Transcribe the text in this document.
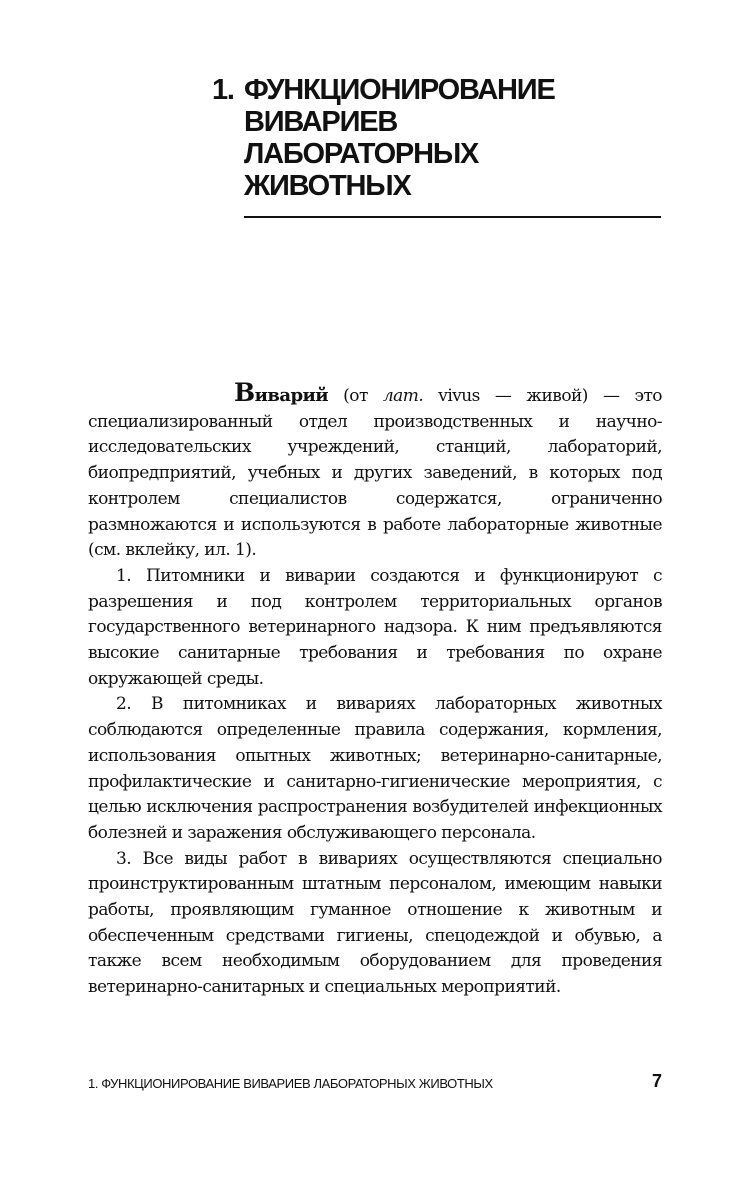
1. ФУНКЦИОНИРОВАНИЕ
ВИВАРИЕВ
ЛАБОРАТОРНЫХ
ЖИВОТНЫХ

Виварий (от лат. vivus — живой) — это специализированный отдел производственных и научно-исследовательских учреждений, станций, лабораторий, биопредприятий, учебных и других заведений, в которых под контролем специалистов содержатся, ограниченно размножаются и используются в работе лабораторные животные (см. вклейку, ил. 1).

1. Питомники и виварии создаются и функционируют с разрешения и под контролем территориальных органов государственного ветеринарного надзора. К ним предъявляются высокие санитарные требования и требования по охране окружающей среды.

2. В питомниках и вивариях лабораторных животных соблюдаются определенные правила содержания, кормления, использования опытных животных; ветеринарно-санитарные, профилактические и санитарно-гигиенические мероприятия, с целью исключения распространения возбудителей инфекционных болезней и заражения обслуживающего персонала.

3. Все виды работ в вивариях осуществляются специально проинструктированным штатным персоналом, имеющим навыки работы, проявляющим гуманное отношение к животным и обеспеченным средствами гигиены, спецодеждой и обувью, а также всем необходимым оборудованием для проведения ветеринарно-санитарных и специальных мероприятий.

1. ФУНКЦИОНИРОВАНИЕ ВИВАРИЕВ ЛАБОРАТОРНЫХ ЖИВОТНЫХ	7
